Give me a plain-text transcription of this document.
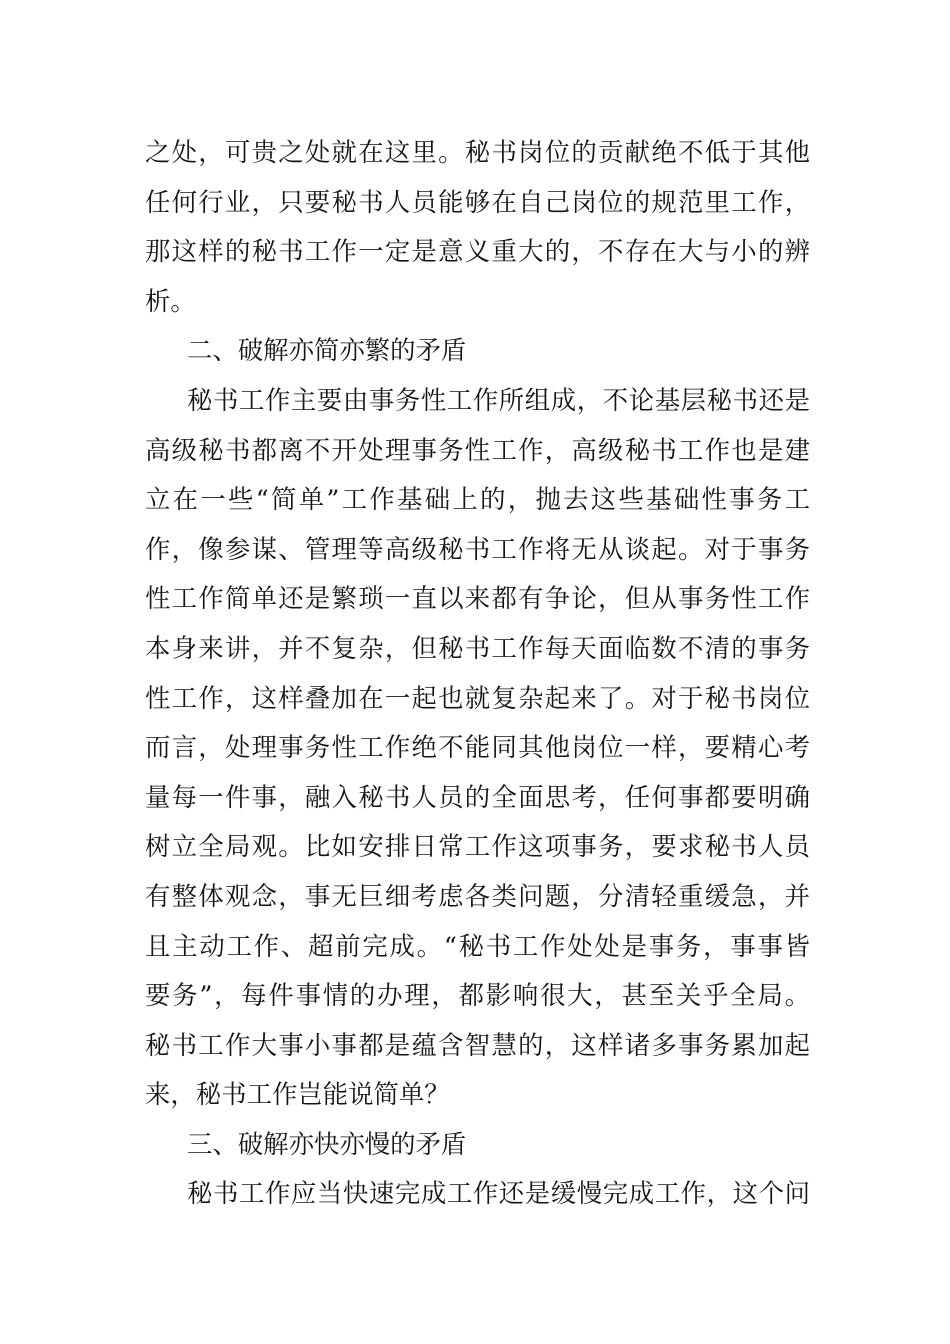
之处，可贵之处就在这里。秘书岗位的贡献绝不低于其他
任何行业，只要秘书人员能够在自己岗位的规范里工作，
那这样的秘书工作一定是意义重大的，不存在大与小的辨
析。
二、破解亦简亦繁的矛盾
秘书工作主要由事务性工作所组成，不论基层秘书还是
高级秘书都离不开处理事务性工作，高级秘书工作也是建
立在一些“简单”工作基础上的，抛去这些基础性事务工
作，像参谋、管理等高级秘书工作将无从谈起。对于事务
性工作简单还是繁琐一直以来都有争论，但从事务性工作
本身来讲，并不复杂，但秘书工作每天面临数不清的事务
性工作，这样叠加在一起也就复杂起来了。对于秘书岗位
而言，处理事务性工作绝不能同其他岗位一样，要精心考
量每一件事，融入秘书人员的全面思考，任何事都要明确
树立全局观。比如安排日常工作这项事务，要求秘书人员
有整体观念，事无巨细考虑各类问题，分清轻重缓急，并
且主动工作、超前完成。“秘书工作处处是事务，事事皆
要务”，每件事情的办理，都影响很大，甚至关乎全局。
秘书工作大事小事都是蕴含智慧的，这样诸多事务累加起
来，秘书工作岂能说简单？
三、破解亦快亦慢的矛盾
秘书工作应当快速完成工作还是缓慢完成工作，这个问
